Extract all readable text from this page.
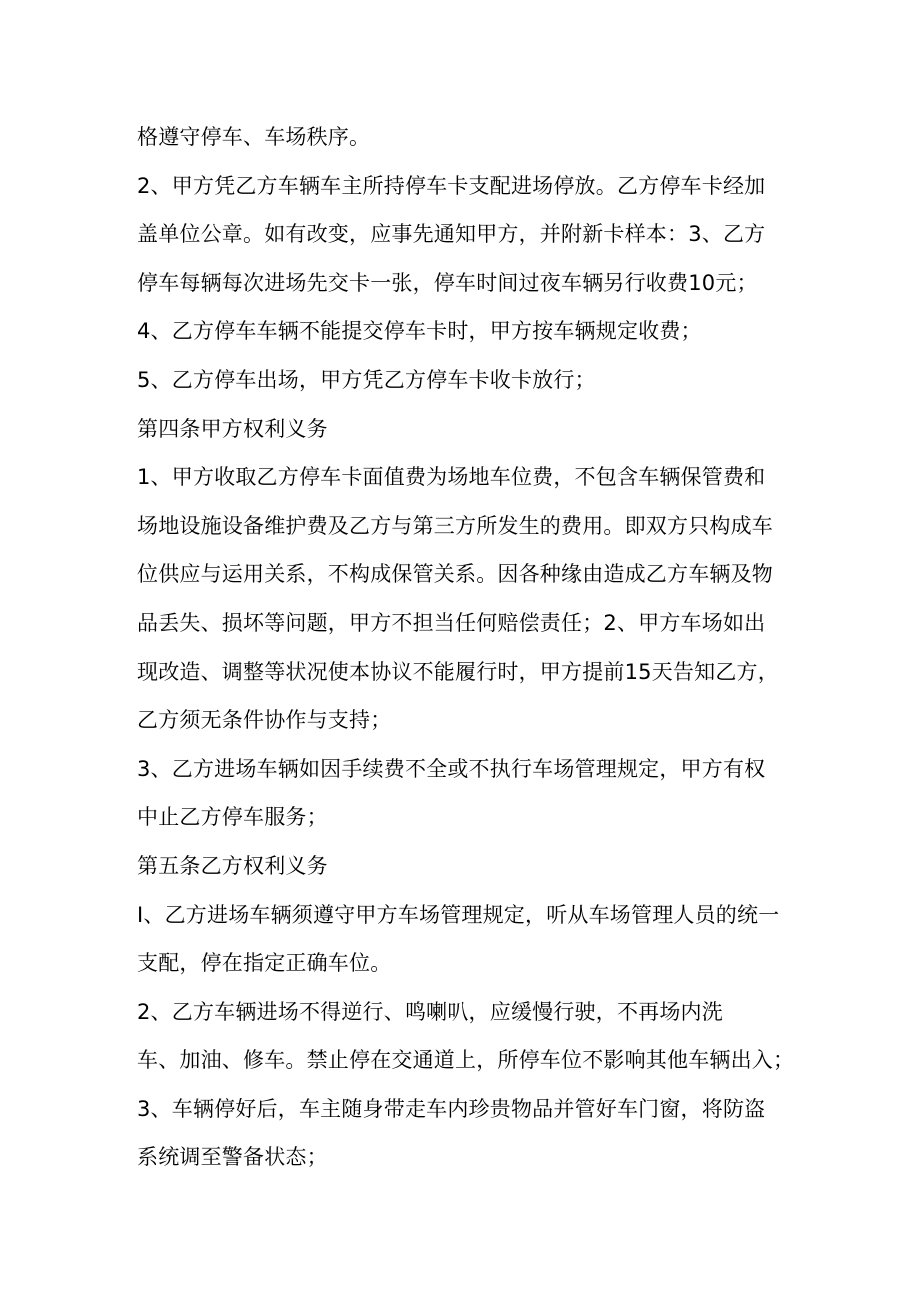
格遵守停车、车场秩序。
2、甲方凭乙方车辆车主所持停车卡支配进场停放。乙方停车卡经加
盖单位公章。如有改变，应事先通知甲方，并附新卡样本：3、乙方
停车每辆每次进场先交卡一张，停车时间过夜车辆另行收费10元；
4、乙方停车车辆不能提交停车卡时，甲方按车辆规定收费；
5、乙方停车出场，甲方凭乙方停车卡收卡放行；
第四条甲方权利义务
1、甲方收取乙方停车卡面值费为场地车位费，不包含车辆保管费和
场地设施设备维护费及乙方与第三方所发生的费用。即双方只构成车
位供应与运用关系，不构成保管关系。因各种缘由造成乙方车辆及物
品丢失、损坏等问题，甲方不担当任何赔偿责任；2、甲方车场如出
现改造、调整等状况使本协议不能履行时，甲方提前15天告知乙方，
乙方须无条件协作与支持；
3、乙方进场车辆如因手续费不全或不执行车场管理规定，甲方有权
中止乙方停车服务；
第五条乙方权利义务
I、乙方进场车辆须遵守甲方车场管理规定，听从车场管理人员的统一
支配，停在指定正确车位。
2、乙方车辆进场不得逆行、鸣喇叭，应缓慢行驶，不再场内洗
车、加油、修车。禁止停在交通道上，所停车位不影响其他车辆出入；
3、车辆停好后，车主随身带走车内珍贵物品并管好车门窗，将防盗
系统调至警备状态；
